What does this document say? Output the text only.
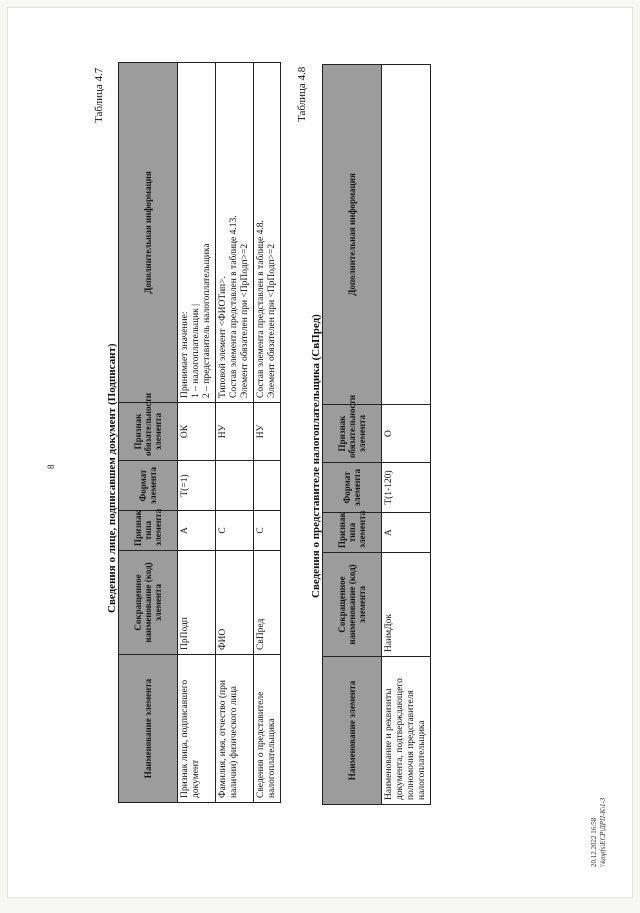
8
Таблица 4.7
Сведения о лице, подписавшем документ (Подписант)
Наименование элемента	Сокращенное наименование (код) элемента	Признак типа элемента	Формат элемента	Признак обязательности элемента	Дополнительная информация
Признак лица, подписавшего документ	ПрПодп	А	Т(=1)	ОК	Принимает значение: 1 – налогоплательщик | 2 – представитель налогоплательщика

Фамилия, имя, отчество (при наличии) физического лица	ФИО	С		НУ	Типовой элемент <ФИОТип>. Состав элемента представлен в таблице 4.13. Элемент обязателен при <ПрПодп>=2

Сведения о представителе налогоплательщика	СвПред	С		НУ	Состав элемента представлен в таблице 4.8. Элемент обязателен при <ПрПодп>=2
Таблица 4.8
Сведения о представителе налогоплательщика (СвПред)
Наименование элемента	Сокращенное наименование (код) элемента	Признак типа элемента	Формат элемента	Признак обязательности элемента	Дополнительная информация
Наименование и реквизиты документа, подтверждающего полномочия представителя налогоплательщика	НаимДок	А	Т(1-120)	О	
20.12.2022 16:58 \\kmpfs\ECP\ДРП-К\1-3
